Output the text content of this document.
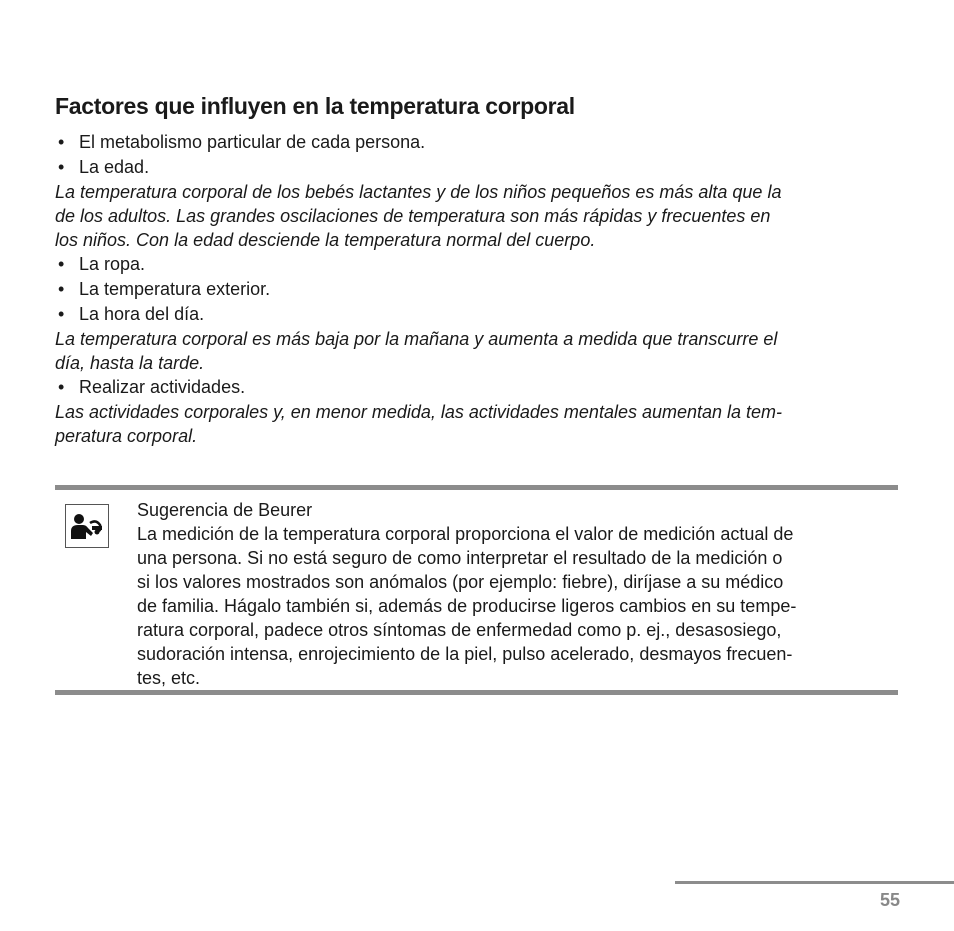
Factores que influyen en la temperatura corporal
• El metabolismo particular de cada persona.
• La edad.
La temperatura corporal de los bebés lactantes y de los niños pequeños es más alta que la
de los adultos. Las grandes oscilaciones de temperatura son más rápidas y frecuentes en
los niños. Con la edad desciende la temperatura normal del cuerpo.
• La ropa.
• La temperatura exterior.
• La hora del día.
La temperatura corporal es más baja por la mañana y aumenta a medida que transcurre el
día, hasta la tarde.
• Realizar actividades.
Las actividades corporales y, en menor medida, las actividades mentales aumentan la tem-
peratura corporal.
Sugerencia de Beurer
La medición de la temperatura corporal proporciona el valor de medición actual de
una persona. Si no está seguro de como interpretar el resultado de la medición o
si los valores mostrados son anómalos (por ejemplo: fiebre), diríjase a su médico
de familia. Hágalo también si, además de producirse ligeros cambios en su tempe-
ratura corporal, padece otros síntomas de enfermedad como p. ej., desasosiego,
sudoración intensa, enrojecimiento de la piel, pulso acelerado, desmayos frecuen-
tes, etc.
55
